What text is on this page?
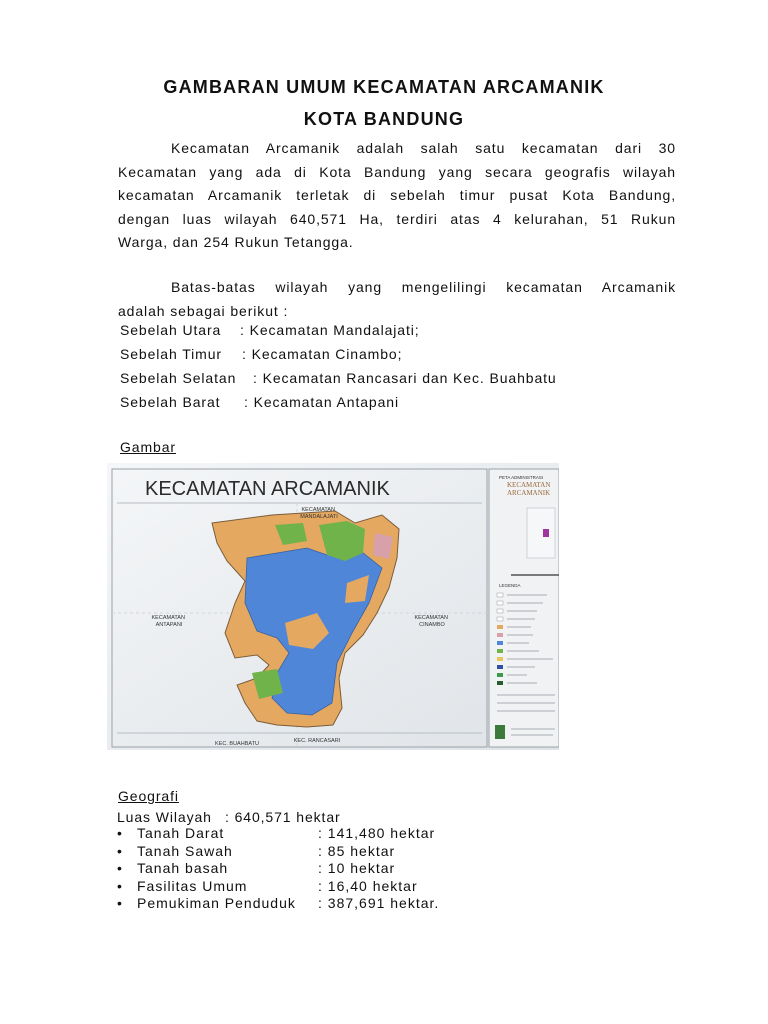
GAMBARAN UMUM KECAMATAN ARCAMANIK
KOTA BANDUNG
Kecamatan Arcamanik adalah salah satu kecamatan dari 30
Kecamatan yang ada di Kota Bandung yang secara geografis wilayah
kecamatan Arcamanik terletak di sebelah timur pusat Kota Bandung,
dengan luas wilayah 640,571 Ha, terdiri atas 4 kelurahan, 51 Rukun
Warga, dan 254 Rukun Tetangga.
Batas-batas wilayah yang mengelilingi kecamatan Arcamanik
adalah sebagai berikut :
Sebelah Utara : Kecamatan Mandalajati;
Sebelah Timur : Kecamatan Cinambo;
Sebelah Selatan : Kecamatan Rancasari dan Kec. Buahbatu
Sebelah Barat : Kecamatan Antapani
Gambar
KECAMATAN ARCAMANIK
KECAMATAN MANDALAJATI
KECAMATAN ANTAPANI
KECAMATAN CINAMBO
KEC. BUAHBATU	KEC. RANCASARI
PETA ADMINISTRASI
KECAMATAN
ARCAMANIK
LEGENDA
Geografi
Luas Wilayah : 640,571 hektar
• Tanah Darat	: 141,480 hektar
• Tanah Sawah	: 85 hektar
• Tanah basah	: 10 hektar
• Fasilitas Umum	: 16,40 hektar
• Pemukiman Penduduk : 387,691 hektar.
